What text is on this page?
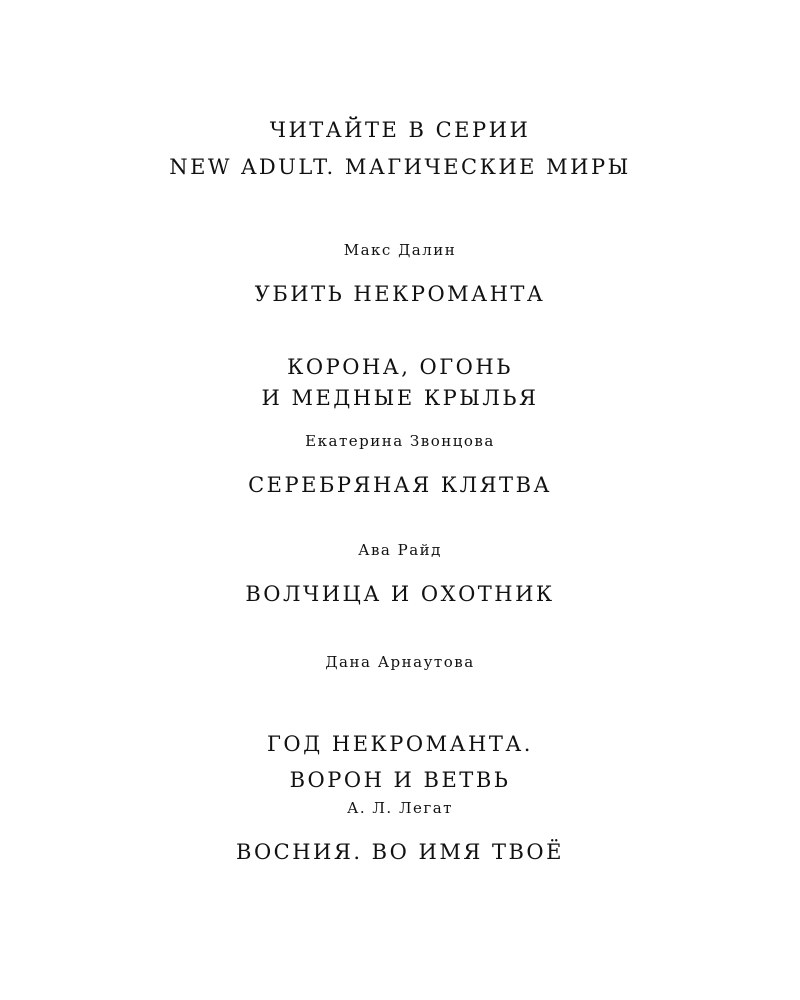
ЧИТАЙТЕ В СЕРИИ
NEW ADULT. МАГИЧЕСКИЕ МИРЫ
Макс Далин
УБИТЬ НЕКРОМАНТА

КОРОНА, ОГОНЬ
И МЕДНЫЕ КРЫЛЬЯ

Екатерина Звонцова
СЕРЕБРЯНАЯ КЛЯТВА
Ава Райд
ВОЛЧИЦА И ОХОТНИК
Дана Арнаутова

ГОД НЕКРОМАНТА.
ВОРОН И ВЕТВЬ

А. Л. Легат
ВОСНИЯ. ВО ИМЯ ТВОЁ
